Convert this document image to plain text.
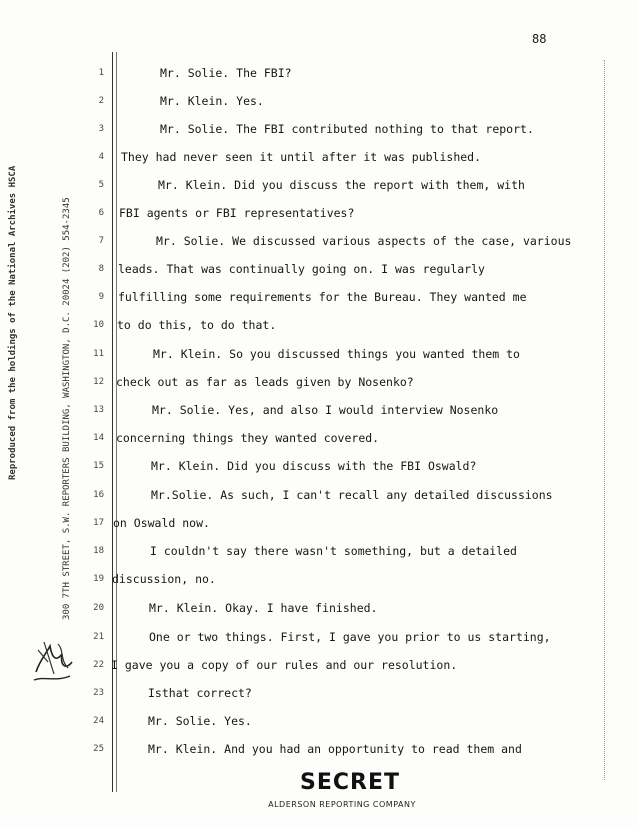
88
Reproduced from the holdings of the National Archives HSCA	300 7TH STREET, S.W. REPORTERS BUILDING, WASHINGTON, D.C. 20024 (202) 554-2345
1
2
3
4
5
6
7
8
9
10
11
12
13
14
15
16
17
18
19
20
21
22
23
24
25
Mr. Solie. The FBI?
Mr. Klein. Yes.
Mr. Solie. The FBI contributed nothing to that report.
They had never seen it until after it was published.
Mr. Klein. Did you discuss the report with them, with
FBI agents or FBI representatives?
Mr. Solie. We discussed various aspects of the case, various
leads. That was continually going on. I was regularly
fulfilling some requirements for the Bureau. They wanted me
to do this, to do that.
Mr. Klein. So you discussed things you wanted them to
check out as far as leads given by Nosenko?
Mr. Solie. Yes, and also I would interview Nosenko
concerning things they wanted covered.
Mr. Klein. Did you discuss with the FBI Oswald?
Mr.Solie. As such, I can't recall any detailed discussions
on Oswald now.
I couldn't say there wasn't something, but a detailed
discussion, no.
Mr. Klein. Okay. I have finished.
One or two things. First, I gave you prior to us starting,
I gave you a copy of our rules and our resolution.
Isthat correct?
Mr. Solie. Yes.
Mr. Klein. And you had an opportunity to read them and
SECRET
ALDERSON REPORTING COMPANY
